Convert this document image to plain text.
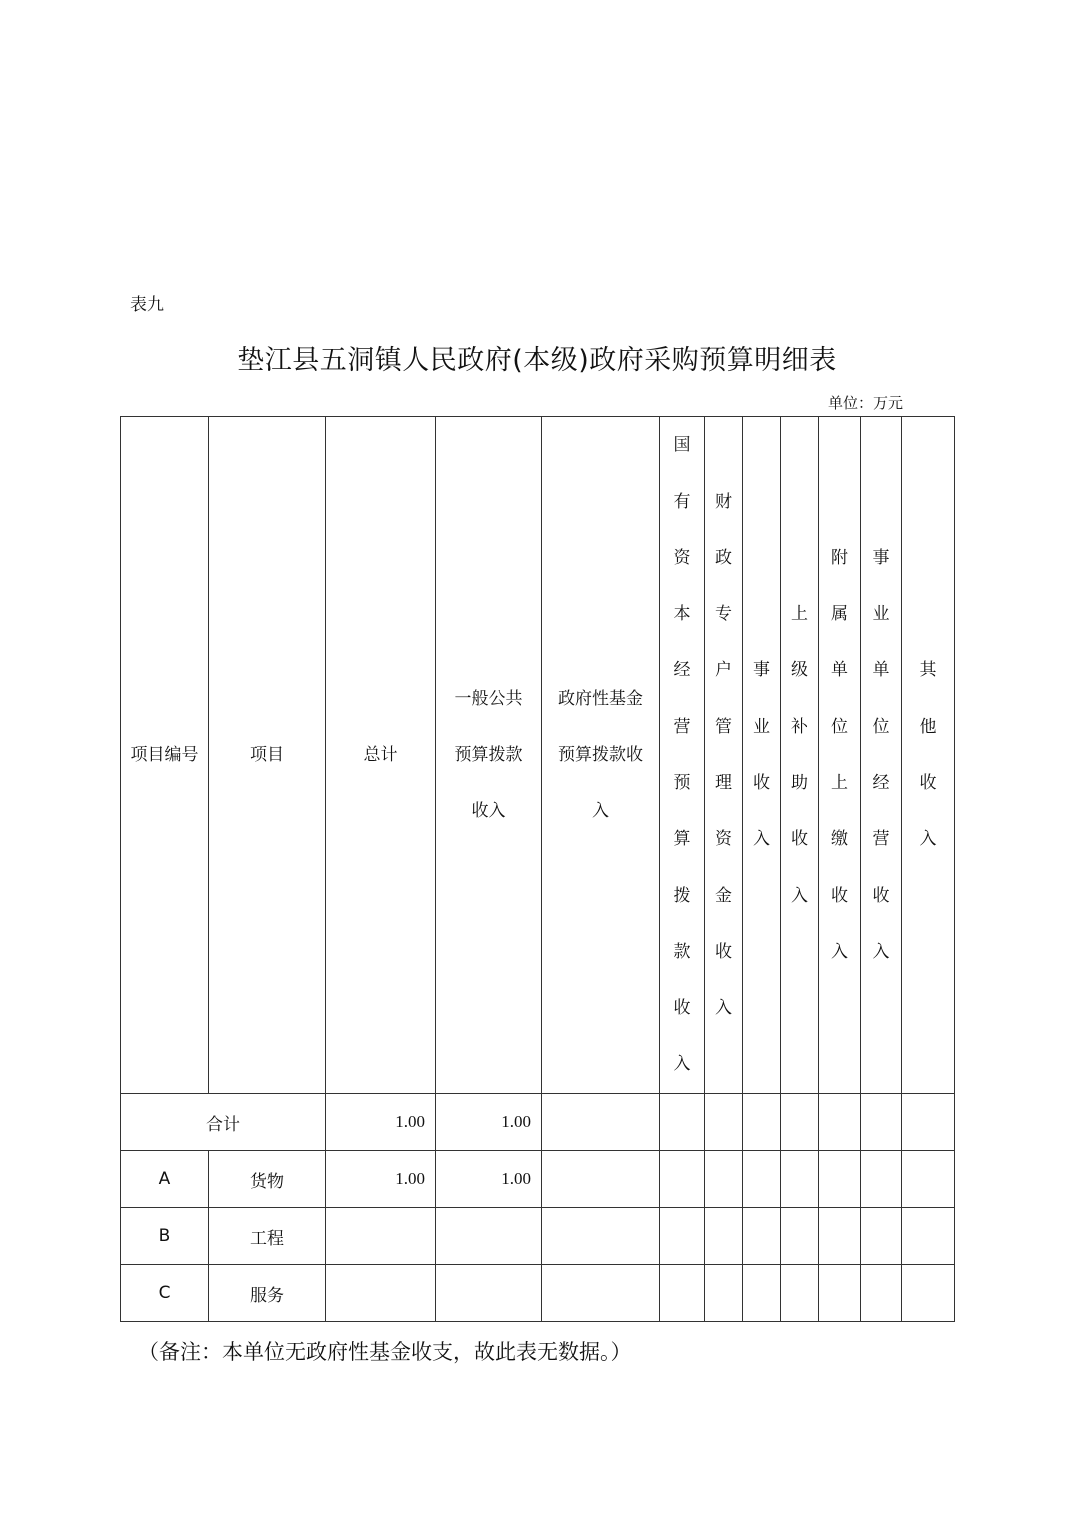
表九
垫江县五洞镇人民政府(本级)政府采购预算明细表
单位：万元
项目编号	项目	总计	一般公共预算拨款收入	政府性基金预算拨款收入	国有资本经营预算拨款收入	财政专户管理资金收入	事业收入	上级补助收入	附属单位上缴收入	事业单位经营收入	其他收入

合计		1.00	1.00								
A	货物	1.00	1.00								
B	工程										
C	服务										
（备注：本单位无政府性基金收支，故此表无数据。）
